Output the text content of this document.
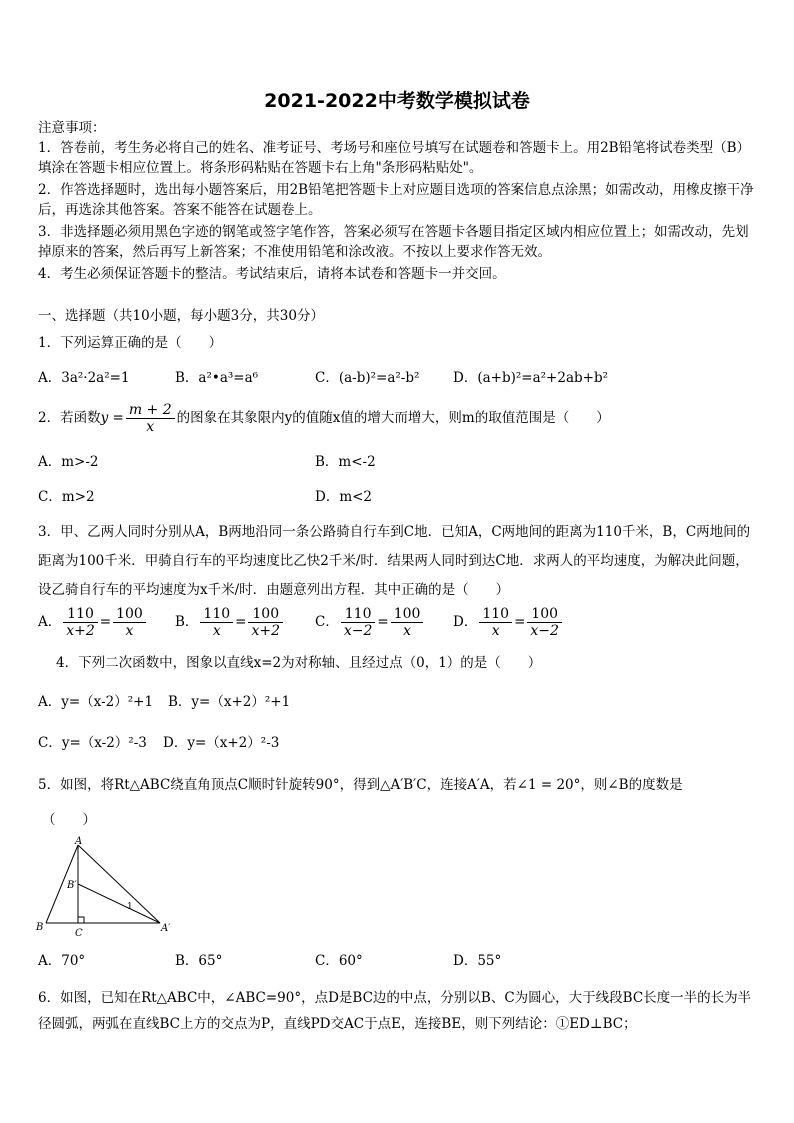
2021-2022中考数学模拟试卷
注意事项：
1．答卷前，考生务必将自己的姓名、准考证号、考场号和座位号填写在试题卷和答题卡上。用2B铅笔将试卷类型（B）填涂在答题卡相应位置上。将条形码粘贴在答题卡右上角"条形码粘贴处"。
2．作答选择题时，选出每小题答案后，用2B铅笔把答题卡上对应题目选项的答案信息点涂黑；如需改动，用橡皮擦干净后，再选涂其他答案。答案不能答在试题卷上。
3．非选择题必须用黑色字迹的钢笔或签字笔作答，答案必须写在答题卡各题目指定区域内相应位置上；如需改动，先划掉原来的答案，然后再写上新答案；不准使用铅笔和涂改液。不按以上要求作答无效。
4．考生必须保证答题卡的整洁。考试结束后，请将本试卷和答题卡一并交回。
一、选择题（共10小题，每小题3分，共30分）
1．下列运算正确的是（　　）
A．3a²·2a²=1	B．a²•a³=a⁶	C．(a-b)²=a²-b² D．(a+b)²=a²+2ab+b²
2．若函数$y = \frac{m + 2}{x}$ 的图象在其象限内y的值随x值的增大而增大，则m的取值范围是（　　）
A．m>-2	B．m<-2
C．m>2	D．m<2
3．甲、乙两人同时分别从A，B两地沿同一条公路骑自行车到C地．已知A，C两地间的距离为110千米，B，C两地间的距离为100千米．甲骑自行车的平均速度比乙快2千米/时．结果两人同时到达C地．求两人的平均速度，为解决此问题，设乙骑自行车的平均速度为x千米/时．由题意列出方程．其中正确的是（　　）
A． $\frac{110}{x+2} = \frac{100}{x}$ B． $\frac{110}{x} = \frac{100}{x+2}$ C． $\frac{110}{x-2} = \frac{100}{x}$ D． $\frac{110}{x} = \frac{100}{x-2}$
4．下列二次函数中，图象以直线x=2为对称轴、且经过点（0，1）的是（　　）
A．y=（x-2）²+1 B．y=（x+2）²+1
C．y=（x-2）²-3 D．y=（x+2）²-3
5．如图，将Rt△ABC绕直角顶点C顺时针旋转90°，得到△A′B′C，连接A′A，若∠1 = 20°，则∠B的度数是
（　　）
A
B
C
B′
A′
1
A．70°	B．65°	C．60°	D．55°
6．如图，已知在Rt△ABC中，∠ABC=90°，点D是BC边的中点，分别以B、C为圆心，大于线段BC长度一半的长为半径圆弧，两弧在直线BC上方的交点为P，直线PD交AC于点E，连接BE，则下列结论：①ED⊥BC；
